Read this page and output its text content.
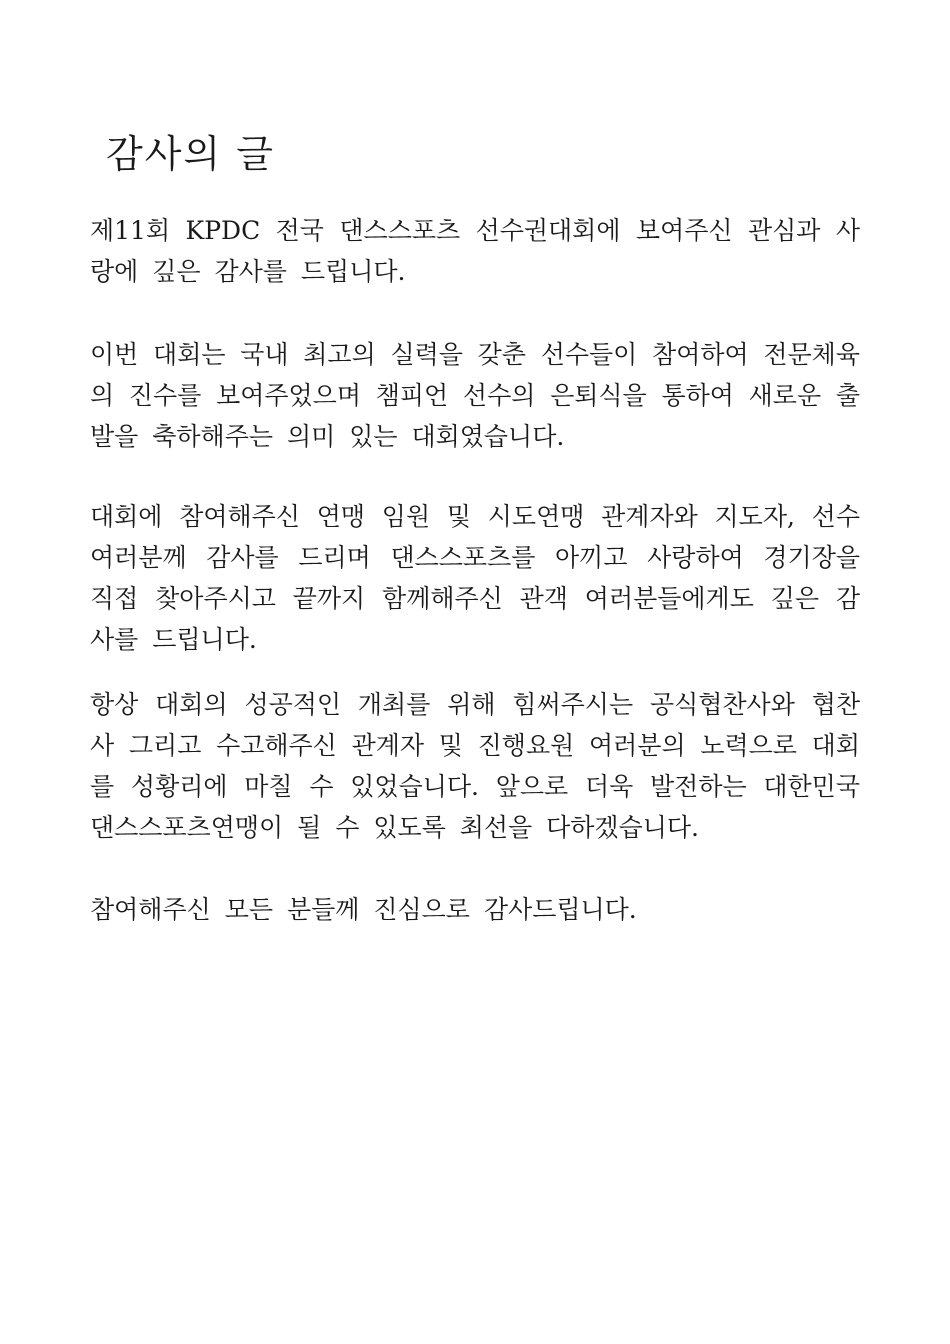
감사의 글

제11회 KPDC 전국 댄스스포츠 선수권대회에 보여주신 관심과 사랑에 깊은 감사를 드립니다.

이번 대회는 국내 최고의 실력을 갖춘 선수들이 참여하여 전문체육의 진수를 보여주었으며 챔피언 선수의 은퇴식을 통하여 새로운 출발을 축하해주는 의미 있는 대회였습니다.

대회에 참여해주신 연맹 임원 및 시도연맹 관계자와 지도자, 선수 여러분께 감사를 드리며 댄스스포츠를 아끼고 사랑하여 경기장을 직접 찾아주시고 끝까지 함께해주신 관객 여러분들에게도 깊은 감사를 드립니다.

항상 대회의 성공적인 개최를 위해 힘써주시는 공식협찬사와 협찬사 그리고 수고해주신 관계자 및 진행요원 여러분의 노력으로 대회를 성황리에 마칠 수 있었습니다. 앞으로 더욱 발전하는 대한민국댄스스포츠연맹이 될 수 있도록 최선을 다하겠습니다.

참여해주신 모든 분들께 진심으로 감사드립니다.
